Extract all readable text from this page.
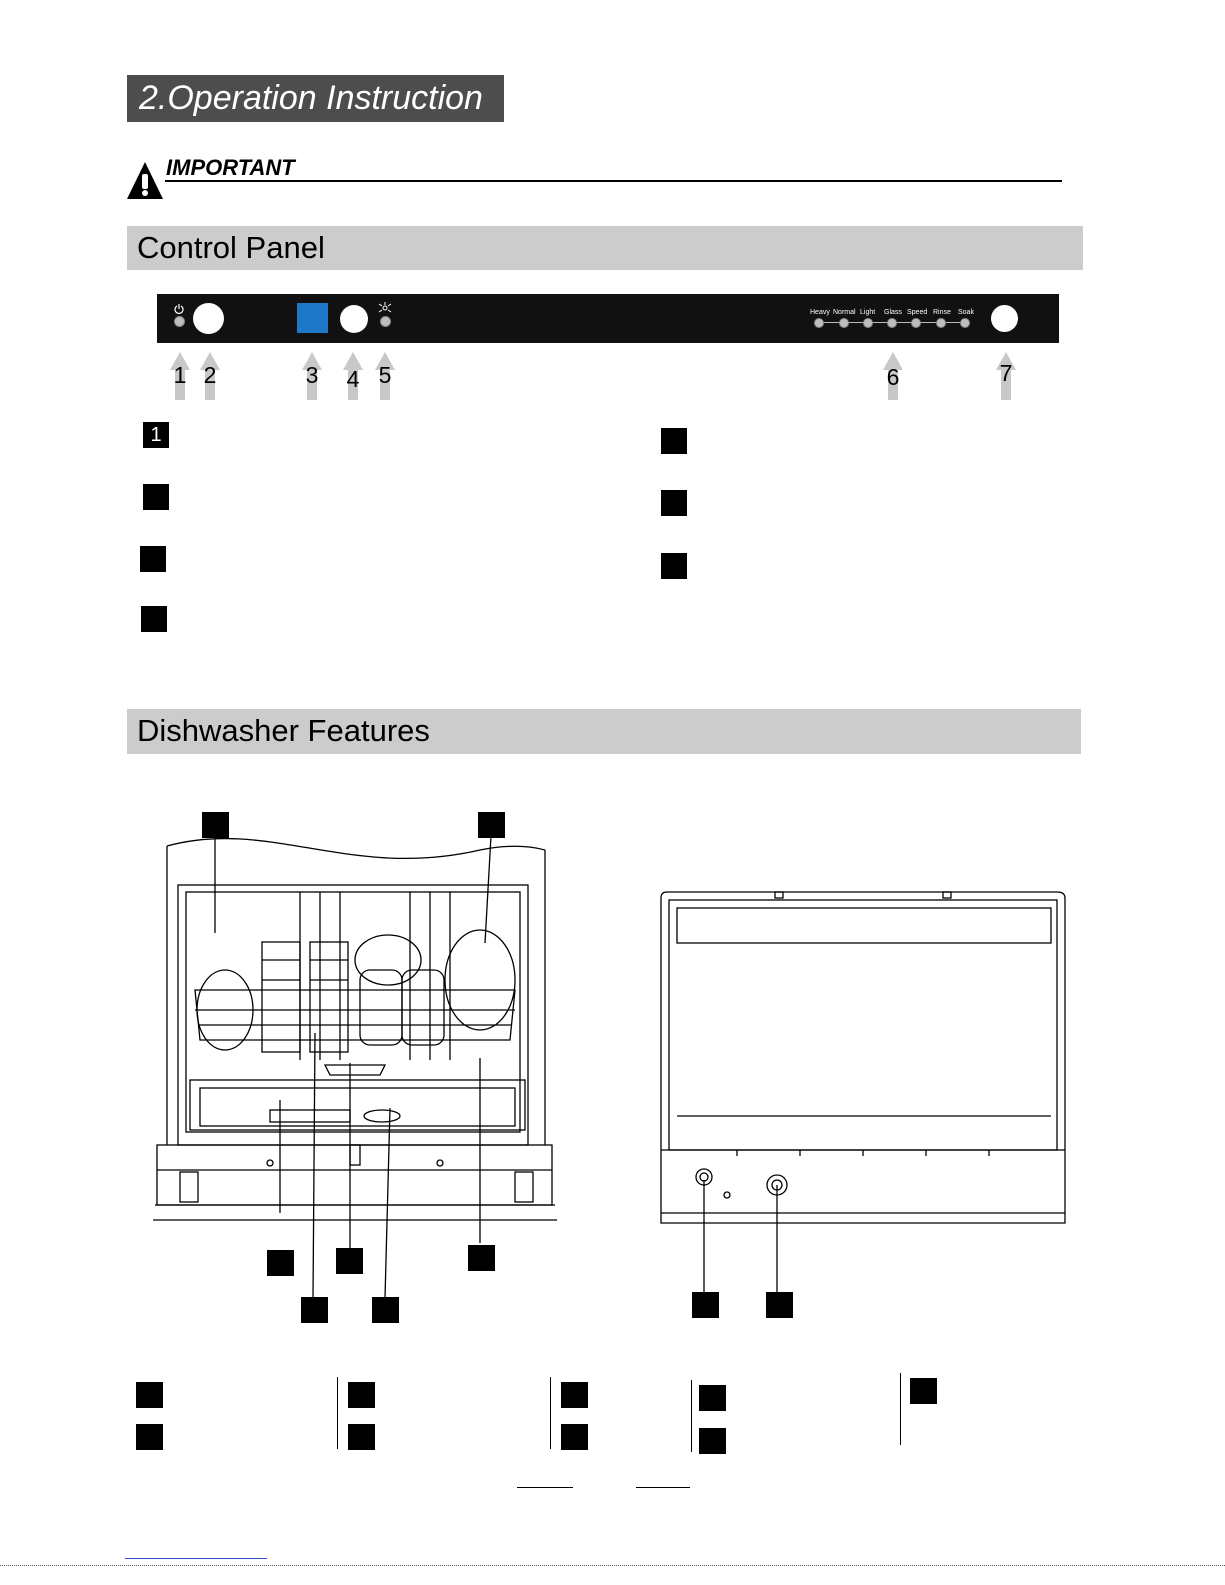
2.Operation Instruction
IMPORTANT
Control Panel
Heavy Normal Light Glass Speed Rinse Soak
1 2	3	4 5	6	7
1
Dishwasher Features
